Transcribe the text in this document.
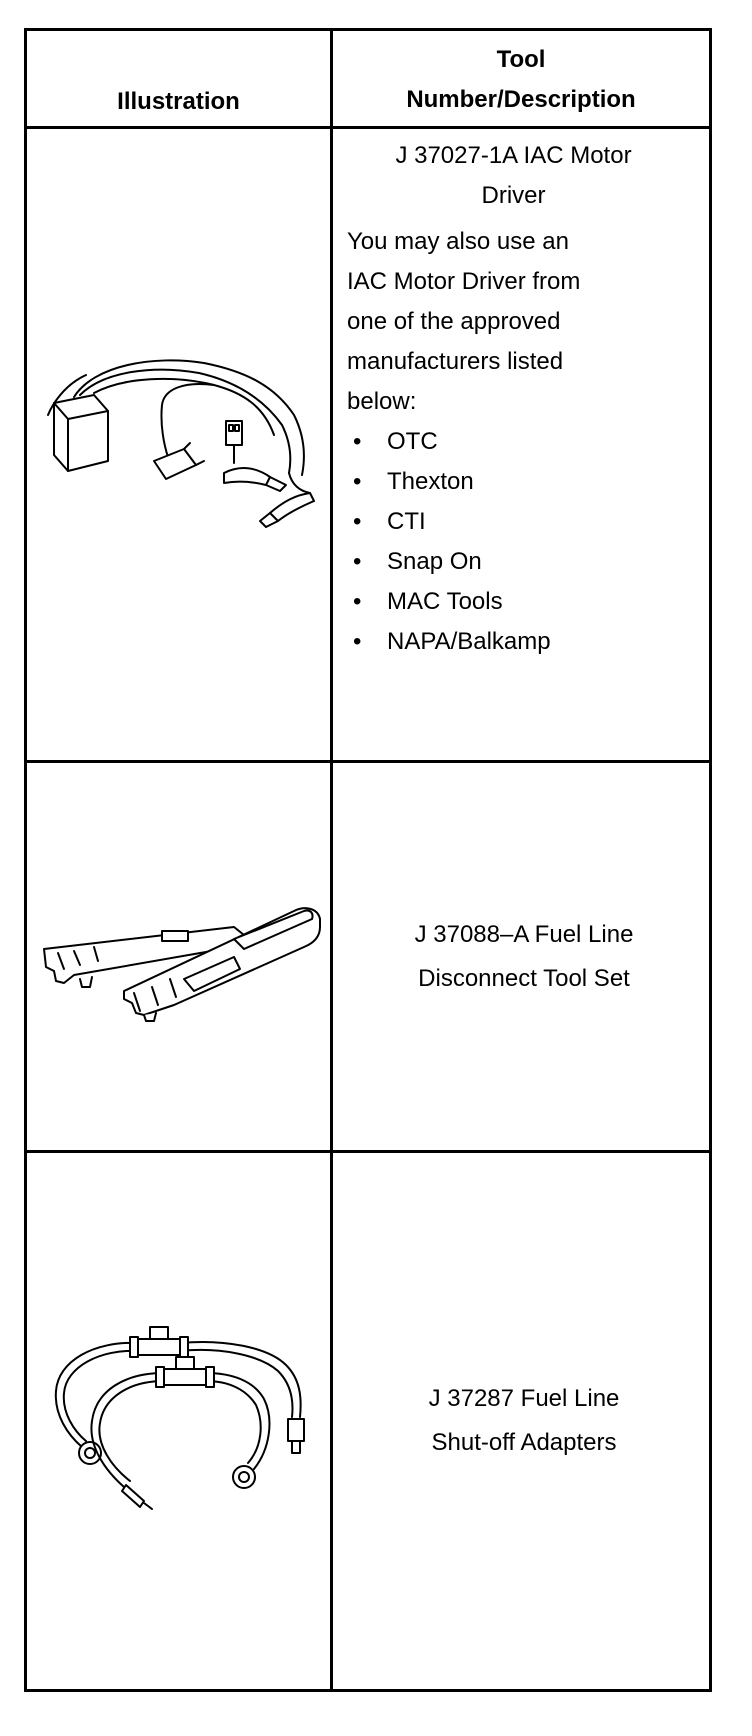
Illustration
Tool
Number/Description
J 37027-1A IAC Motor
Driver
You may also use an
IAC Motor Driver from
one of the approved
manufacturers listed
below:
• OTC
• Thexton
• CTI
• Snap On
• MAC Tools
• NAPA/Balkamp
J 37088–A Fuel Line
Disconnect Tool Set
J 37287 Fuel Line
Shut-off Adapters
